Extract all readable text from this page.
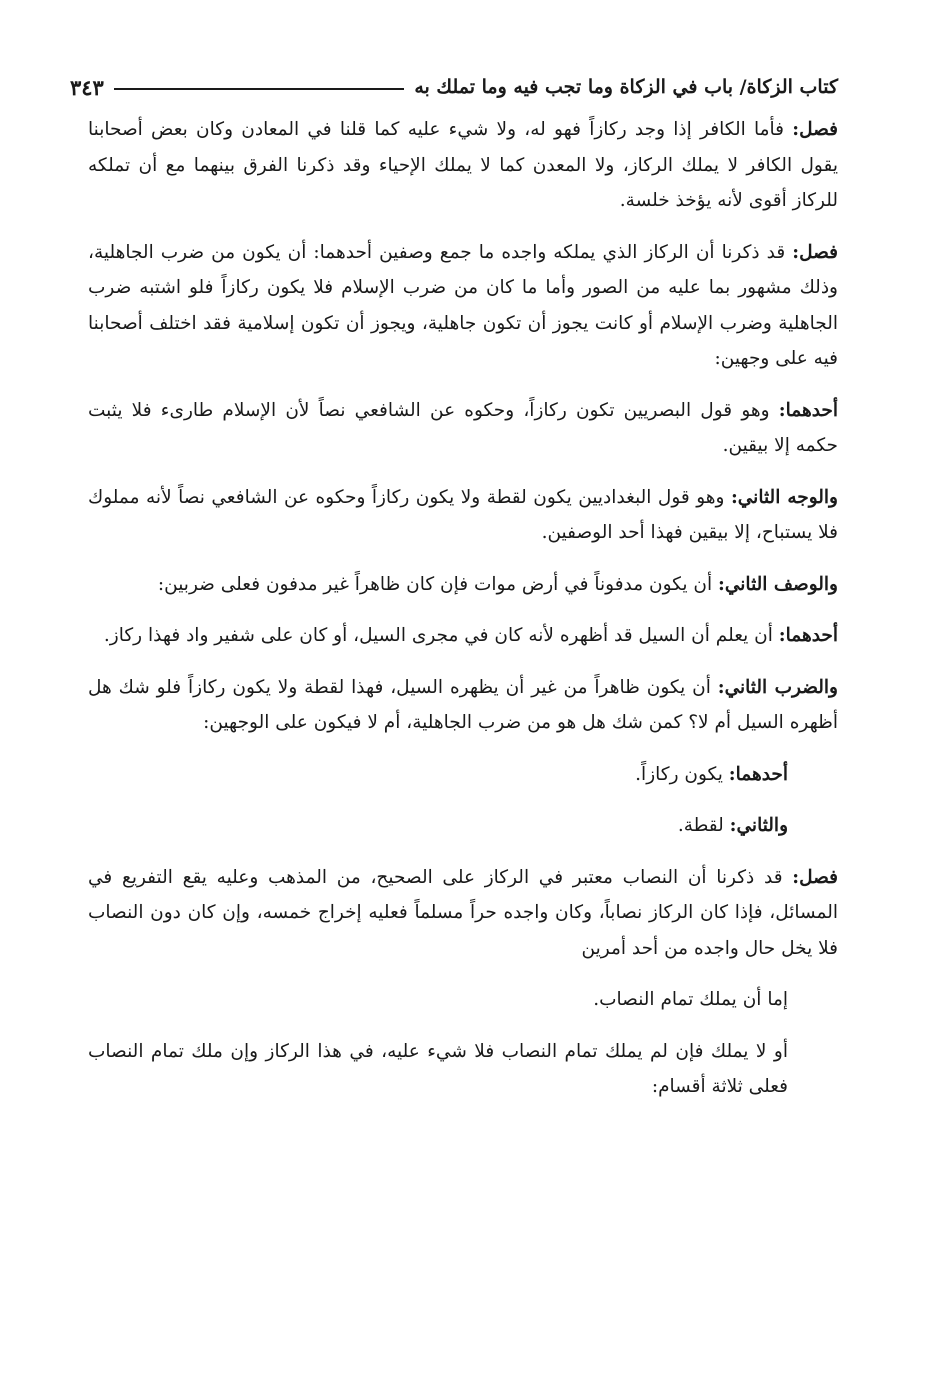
كتاب الزكاة/ باب في الزكاة وما تجب فيه وما تملك به
٣٤٣

فصل: فأما الكافر إذا وجد ركازاً فهو له، ولا شيء عليه كما قلنا في المعادن وكان بعض أصحابنا يقول الكافر لا يملك الركاز، ولا المعدن كما لا يملك الإحياء وقد ذكرنا الفرق بينهما مع أن تملكه للركاز أقوى لأنه يؤخذ خلسة.

فصل: قد ذكرنا أن الركاز الذي يملكه واجده ما جمع وصفين أحدهما: أن يكون من ضرب الجاهلية، وذلك مشهور بما عليه من الصور وأما ما كان من ضرب الإسلام فلا يكون ركازاً فلو اشتبه ضرب الجاهلية وضرب الإسلام أو كانت يجوز أن تكون جاهلية، ويجوز أن تكون إسلامية فقد اختلف أصحابنا فيه على وجهين:

أحدهما: وهو قول البصريين تكون ركازاً، وحكوه عن الشافعي نصاً لأن الإسلام طارىء فلا يثبت حكمه إلا بيقين.

والوجه الثاني: وهو قول البغداديين يكون لقطة ولا يكون ركازاً وحكوه عن الشافعي نصاً لأنه مملوك فلا يستباح، إلا بيقين فهذا أحد الوصفين.

والوصف الثاني: أن يكون مدفوناً في أرض موات فإن كان ظاهراً غير مدفون فعلى ضربين:

أحدهما: أن يعلم أن السيل قد أظهره لأنه كان في مجرى السيل، أو كان على شفير واد فهذا ركاز.

والضرب الثاني: أن يكون ظاهراً من غير أن يظهره السيل، فهذا لقطة ولا يكون ركازاً فلو شك هل أظهره السيل أم لا؟ كمن شك هل هو من ضرب الجاهلية، أم لا فيكون على الوجهين:

أحدهما: يكون ركازاً.

والثاني: لقطة.

فصل: قد ذكرنا أن النصاب معتبر في الركاز على الصحيح، من المذهب وعليه يقع التفريع في المسائل، فإذا كان الركاز نصاباً، وكان واجده حراً مسلماً فعليه إخراج خمسه، وإن كان دون النصاب فلا يخل حال واجده من أحد أمرين

إما أن يملك تمام النصاب.

أو لا يملك فإن لم يملك تمام النصاب فلا شيء عليه، في هذا الركاز وإن ملك تمام النصاب فعلى ثلاثة أقسام:
